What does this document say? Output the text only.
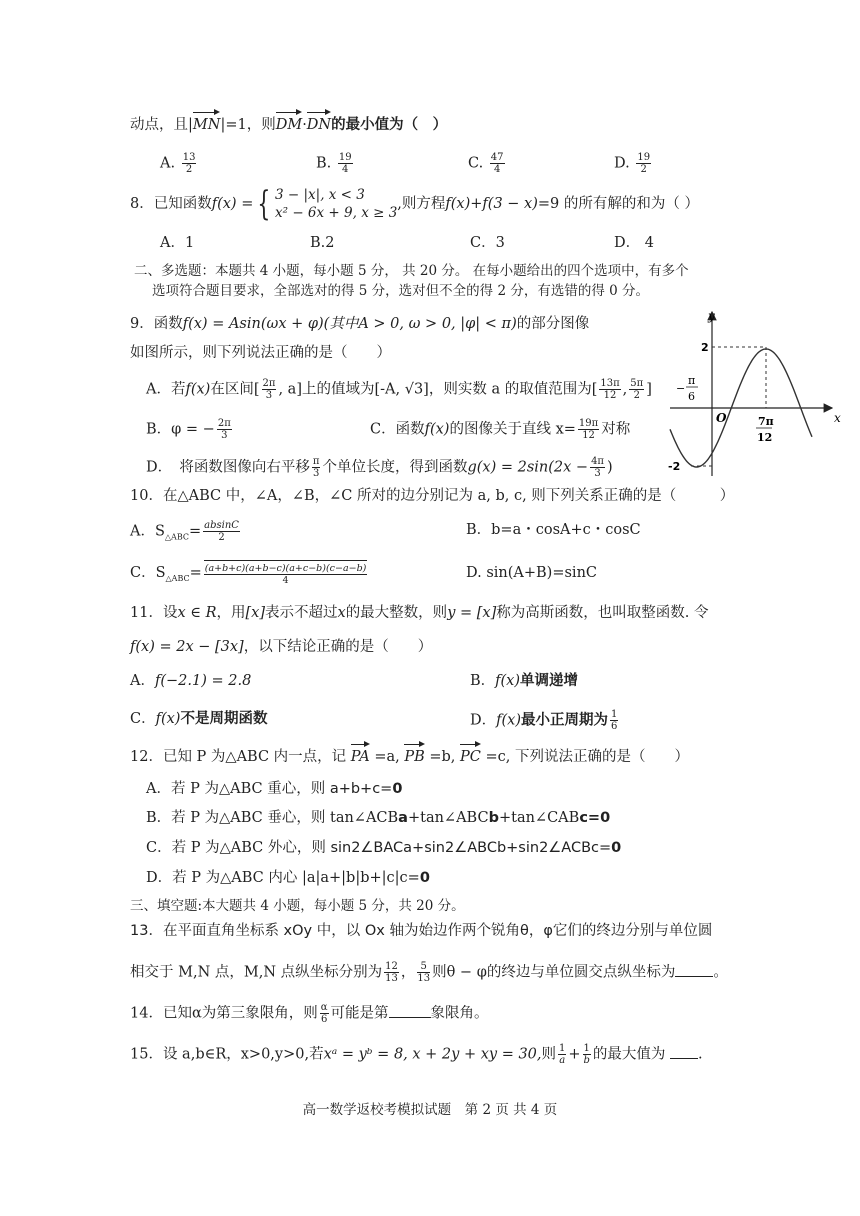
动点，且|MN|=1，则DM·DN的最小值为（　）
A. $\frac{13}{2}$	B. $\frac{19}{4}$	C. $\frac{47}{4}$	D. $\frac{19}{2}$
8．已知函数f(x) = { 3 − |x|, x < 3
x² − 6x + 9, x ≥ 3
,则方程f(x)+f(3 − x)=9 的所有解的和为（ ）
A．1	B.2	C．3	D． 4
二、多选题：本题共 4 小题，每小题 5 分， 共 20 分。 在每小题给出的四个选项中，有多个
选项符合题目要求，全部选对的得 5 分，选对但不全的得 2 分，有选错的得 0 分。
9．函数f(x) = Asin(ωx + φ)(其中A > 0, ω > 0, |φ| < π)的部分图像
如图所示，则下列说法正确的是（　　）
A．若f(x)在区间[ $\frac{2\pi}{3}$ , a]上的值域为[-A, √3]，则实数 a 的取值范围为[ $\frac{13\pi}{12}$ , $\frac{5\pi}{2}$ ]
B．φ = − $\frac{2\pi}{3}$	C．函数f(x)的图像关于直线 $x= \frac{19\pi}{12}$ 对称
D．　将函数图像向右平移 $\frac{\pi}{3}$ 个单位长度，得到函数$g(x) = 2\sin(2x - \frac{4\pi}{3}$ )
y
x
O
2
-2
π
−
6
7π
12
10．在△ABC 中，∠A，∠B，∠C 所对的边分别记为 a, b, c, 则下列关系正确的是（　　　）
A．$S_{\triangle ABC}= \frac{absinC}{2}$	B．b=a・cosA+c・cosC
C．$S_{\triangle ABC}= \frac{(a+b+c)(a+b-c)(a+c-b)(c-a-b)}{4}$	D. sin(A+B)=sinC
11．设x ∈ R，用[x]表示不超过x的最大整数，则y = [x]称为高斯函数，也叫取整函数. 令
f(x) = 2x − [3x]，以下结论正确的是（　　）
A．f(−2.1) = 2.8	B．f(x)单调递增
C．f(x)不是周期函数	D．f(x)最小正周期为 $\frac{1}{6}$
12．已知 P 为△ABC 内一点，记 PA =a, PB =b, PC =c, 下列说法正确的是（　　）
A．若 P 为△ABC 重心，则 a+b+c=0
B．若 P 为△ABC 垂心，则 tan∠ACBa+tan∠ABCb+tan∠CABc=0
C．若 P 为△ABC 外心，则 sin2∠BACa+sin2∠ABCb+sin2∠ACBc=0
D．若 P 为△ABC 内心 |a|a+|b|b+|c|c=0
三、填空题:本大题共 4 小题，每小题 5 分，共 20 分。
13．在平面直角坐标系 xOy 中，以 Ox 轴为始边作两个锐角θ，φ它们的终边分别与单位圆
相交于 M,N 点，M,N 点纵坐标分别为 $\frac{12}{13}$ ， $\frac{5}{13}$ 则θ − φ的终边与单位圆交点纵坐标为	。
14．已知α为第三象限角，则 $\frac{\alpha}{6}$ 可能是第	象限角。
15．设 a,b∈R，x>0,y>0,若xᵃ = yᵇ = 8, x + 2y + xy = 30,则 $\frac{1}{a} + \frac{1}{b}$ 的最大值为 .
高一数学返校考模拟试题　第 2 页 共 4 页
